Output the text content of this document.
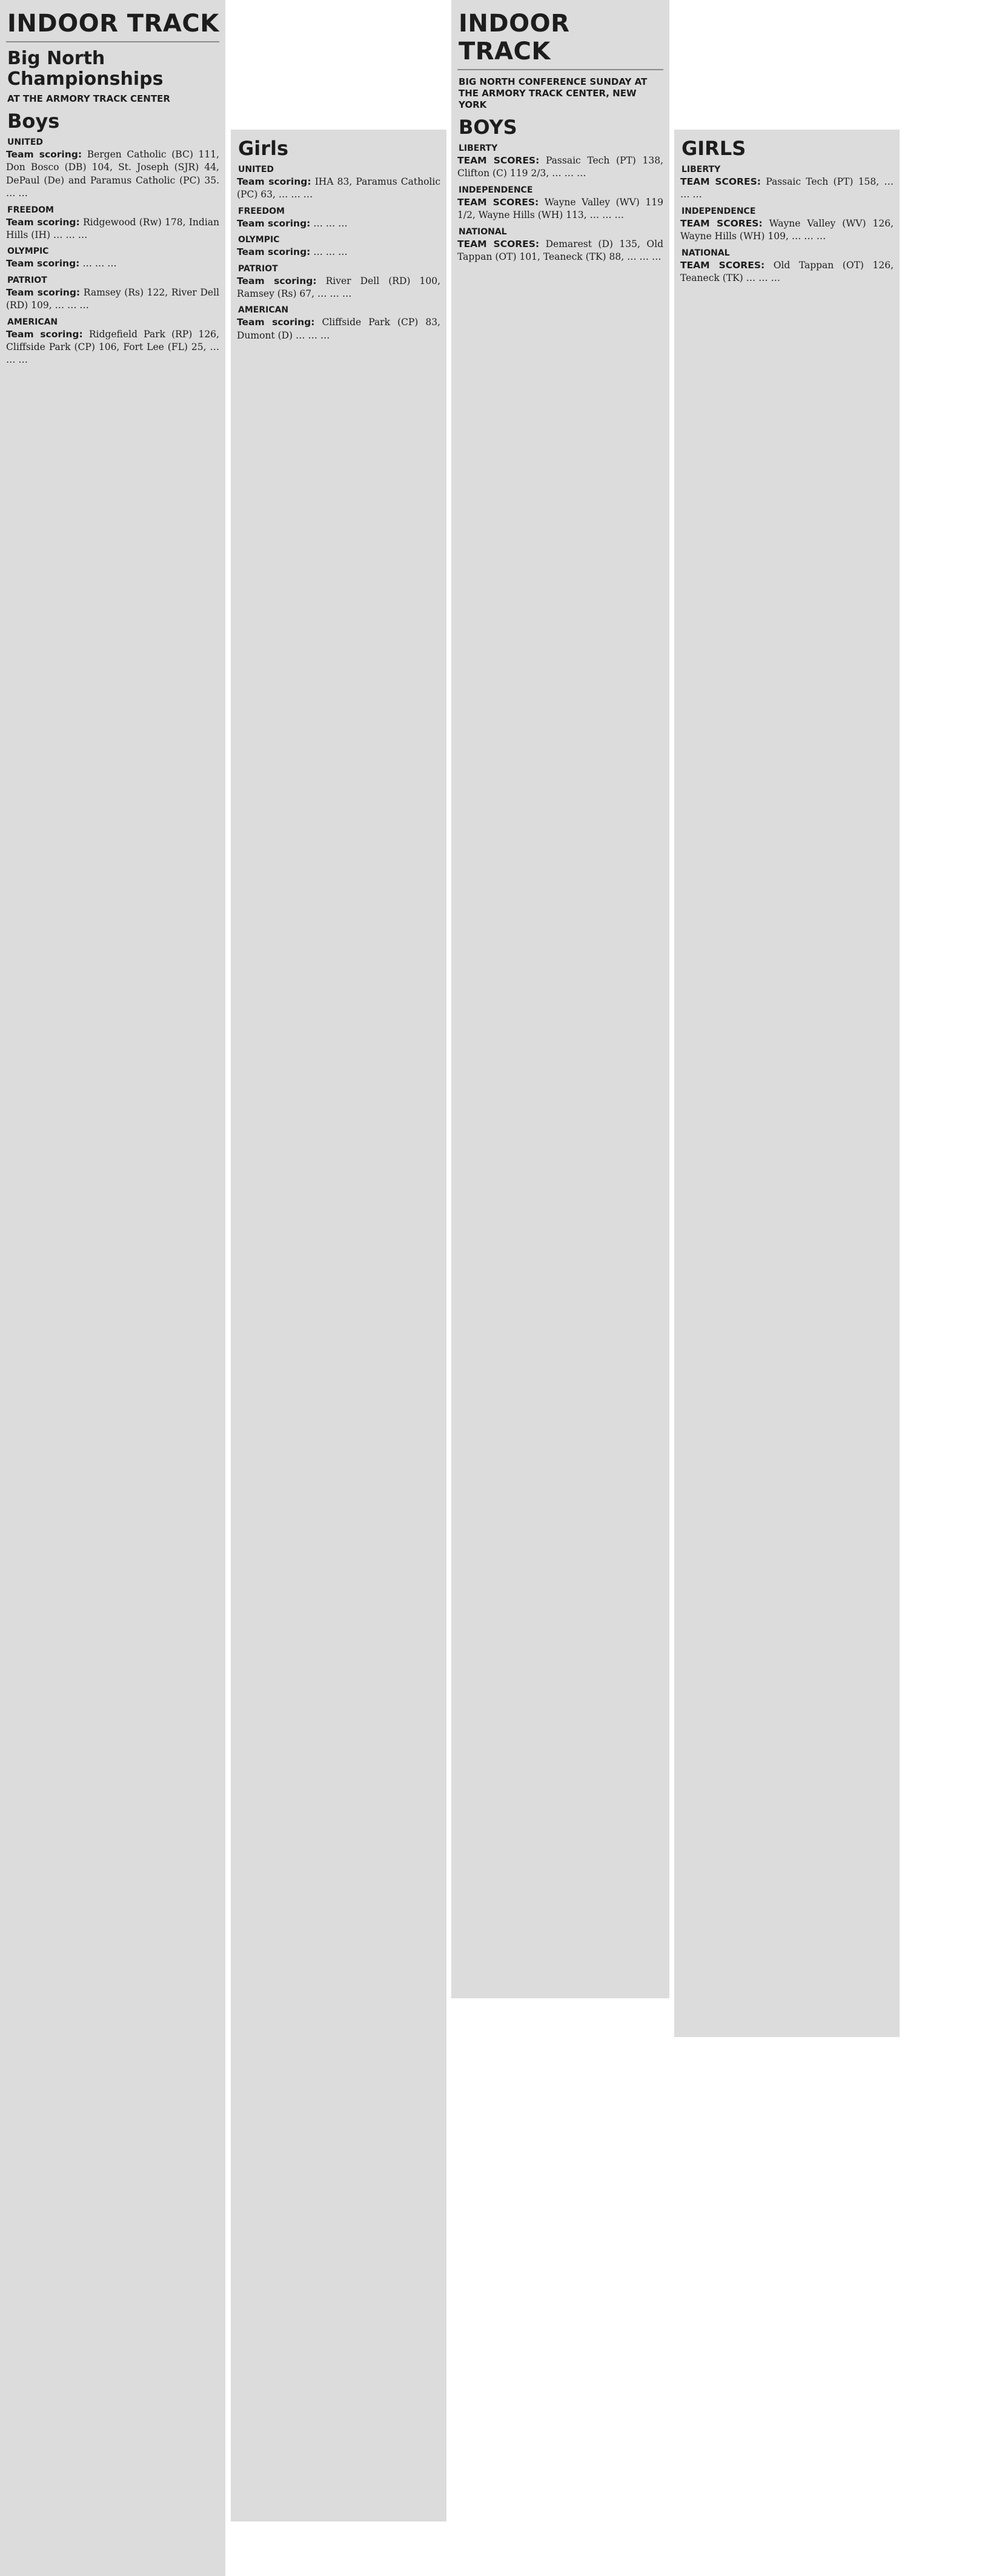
INDOOR TRACK
Big North Championships
AT THE ARMORY TRACK CENTER
Boys
UNITED

Team scoring: Bergen Catholic (BC) 111, Don Bosco (DB) 104, St. Joseph (SJR) 44, DePaul (De) and Paramus Catholic (PC) 35. … …

FREEDOM

Team scoring: Ridgewood (Rw) 178, Indian Hills (IH) … … …

OLYMPIC

Team scoring: … … …

PATRIOT

Team scoring: Ramsey (Rs) 122, River Dell (RD) 109, … … …

AMERICAN

Team scoring: Ridgefield Park (RP) 126, Cliffside Park (CP) 106, Fort Lee (FL) 25, … … …

Girls
UNITED

Team scoring: IHA 83, Paramus Catholic (PC) 63, … … …

FREEDOM

Team scoring: … … …

OLYMPIC

Team scoring: … … …

PATRIOT

Team scoring: River Dell (RD) 100, Ramsey (Rs) 67, … … …

AMERICAN

Team scoring: Cliffside Park (CP) 83, Dumont (D) … … …

INDOOR TRACK
BIG NORTH CONFERENCE SUNDAY AT THE ARMORY TRACK CENTER, NEW YORK
BOYS
LIBERTY

TEAM SCORES: Passaic Tech (PT) 138, Clifton (C) 119 2/3, … … …

INDEPENDENCE

TEAM SCORES: Wayne Valley (WV) 119 1/2, Wayne Hills (WH) 113, … … …

NATIONAL

TEAM SCORES: Demarest (D) 135, Old Tappan (OT) 101, Teaneck (TK) 88, … … …

GIRLS
LIBERTY

TEAM SCORES: Passaic Tech (PT) 158, … … …

INDEPENDENCE

TEAM SCORES: Wayne Valley (WV) 126, Wayne Hills (WH) 109, … … …

NATIONAL

TEAM SCORES: Old Tappan (OT) 126, Teaneck (TK) … … …
